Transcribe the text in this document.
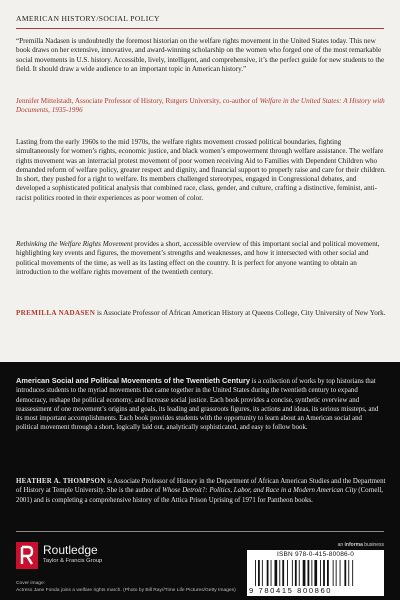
AMERICAN HISTORY/SOCIAL POLICY

“Premilla Nadasen is undoubtedly the foremost historian on the welfare rights movement in the United States today. This new book draws on her extensive, innovative, and award-winning scholarship on the women who forged one of the most remarkable social movements in U.S. history. Accessible, lively, intelligent, and comprehensive, it’s the perfect guide for new students to the field. It should draw a wide audience to an important topic in American history.”

Jennifer Mittelstadt, Associate Professor of History, Rutgers University, co-author of Welfare in the United States: A History with Documents, 1935-1996

Lasting from the early 1960s to the mid 1970s, the welfare rights movement crossed political boundaries, fighting simultaneously for women’s rights, economic justice, and black women’s empowerment through welfare assistance. The welfare rights movement was an interracial protest movement of poor women receiving Aid to Families with Dependent Children who demanded reform of welfare policy, greater respect and dignity, and financial support to properly raise and care for their children. In short, they pushed for a right to welfare. Its members challenged stereotypes, engaged in Congressional debates, and developed a sophisticated political analysis that combined race, class, gender, and culture, crafting a distinctive, feminist, anti-racist politics rooted in their experiences as poor women of color.

Rethinking the Welfare Rights Movement provides a short, accessible overview of this important social and political movement, highlighting key events and figures, the movement’s strengths and weaknesses, and how it intersected with other social and political movements of the time, as well as its lasting effect on the country. It is perfect for anyone wanting to obtain an introduction to the welfare rights movement of the twentieth century.

PREMILLA NADASEN is Associate Professor of African American History at Queens College, City University of New York.

American Social and Political Movements of the Twentieth Century is a collection of works by top historians that introduces students to the myriad movements that came together in the United States during the twentieth century to expand democracy, reshape the political economy, and increase social justice. Each book provides a concise, synthetic overview and reassessment of one movement’s origins and goals, its leading and grassroots figures, its actions and ideas, its serious missteps, and its most important accomplishments. Each book provides students with the opportunity to learn about an American social and political movement through a short, logically laid out, analytically sophisticated, and easy to follow book.

HEATHER A. THOMPSON is Associate Professor of History in the Department of African American Studies and the Department of History at Temple University. She is the author of Whose Detroit?: Politics, Labor, and Race in a Modern American City (Cornell, 2001) and is completing a comprehensive history of the Attica Prison Uprising of 1971 for Pantheon books.

Routledge
Taylor & Francis Group
an informa business
ISBN 978-0-415-80086-0
9 780415 800860
Cover image:
Actress Jane Fonda joins a welfare rights march. (Photo by Bill Ray//Time Life Pictures/Getty Images)
